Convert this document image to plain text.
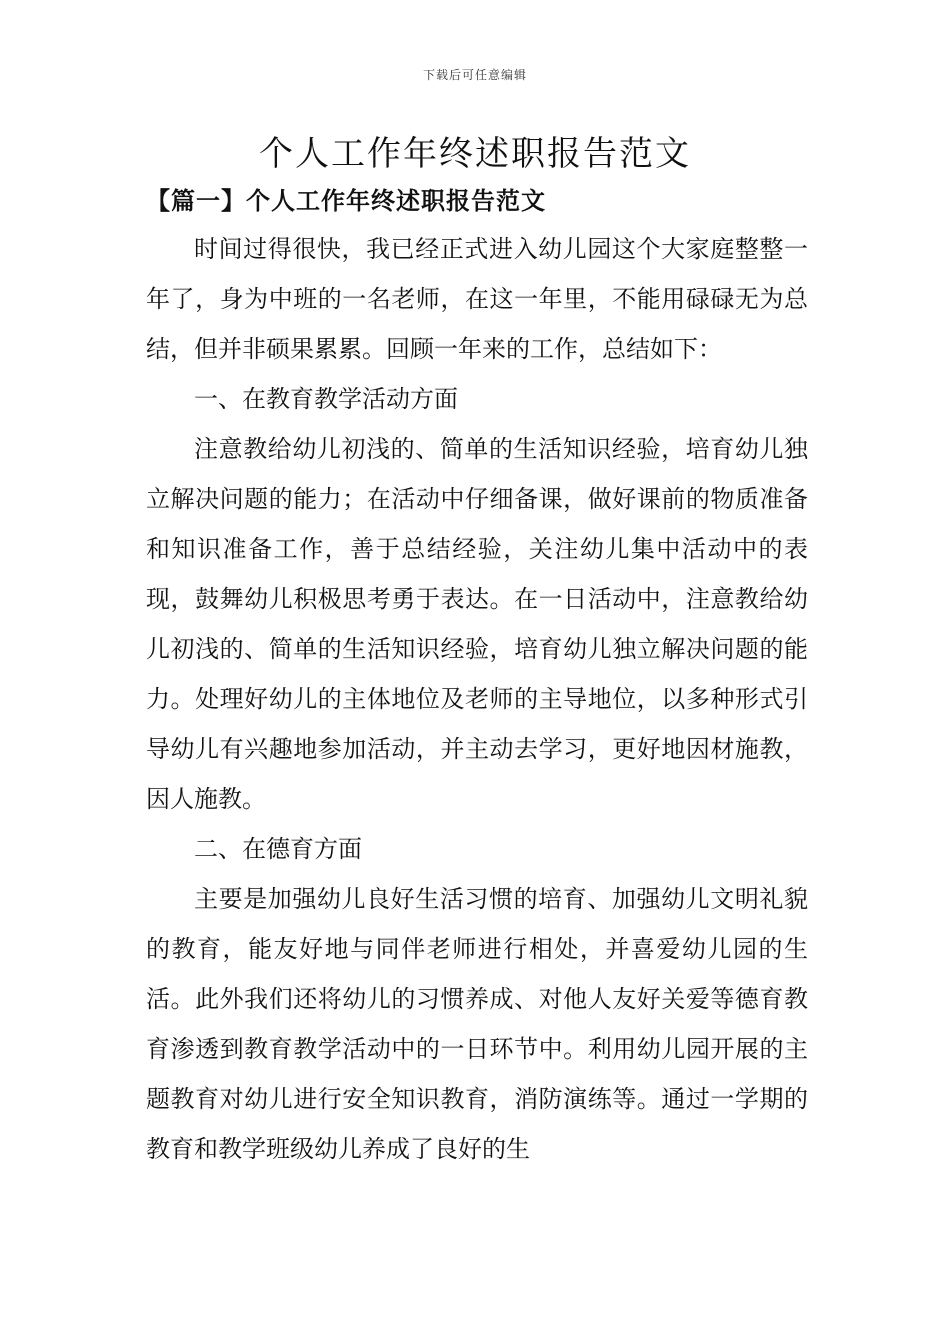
下载后可任意编辑
个人工作年终述职报告范文
【篇一】个人工作年终述职报告范文

时间过得很快，我已经正式进入幼儿园这个大家庭整整一年了，身为中班的一名老师，在这一年里，不能用碌碌无为总结，但并非硕果累累。回顾一年来的工作，总结如下：

一、在教育教学活动方面

注意教给幼儿初浅的、简单的生活知识经验，培育幼儿独立解决问题的能力；在活动中仔细备课，做好课前的物质准备和知识准备工作，善于总结经验，关注幼儿集中活动中的表现，鼓舞幼儿积极思考勇于表达。在一日活动中，注意教给幼儿初浅的、简单的生活知识经验，培育幼儿独立解决问题的能力。处理好幼儿的主体地位及老师的主导地位，以多种形式引导幼儿有兴趣地参加活动，并主动去学习，更好地因材施教，因人施教。

二、在德育方面

主要是加强幼儿良好生活习惯的培育、加强幼儿文明礼貌的教育，能友好地与同伴老师进行相处，并喜爱幼儿园的生活。此外我们还将幼儿的习惯养成、对他人友好关爱等德育教育渗透到教育教学活动中的一日环节中。利用幼儿园开展的主题教育对幼儿进行安全知识教育，消防演练等。通过一学期的教育和教学班级幼儿养成了良好的生
